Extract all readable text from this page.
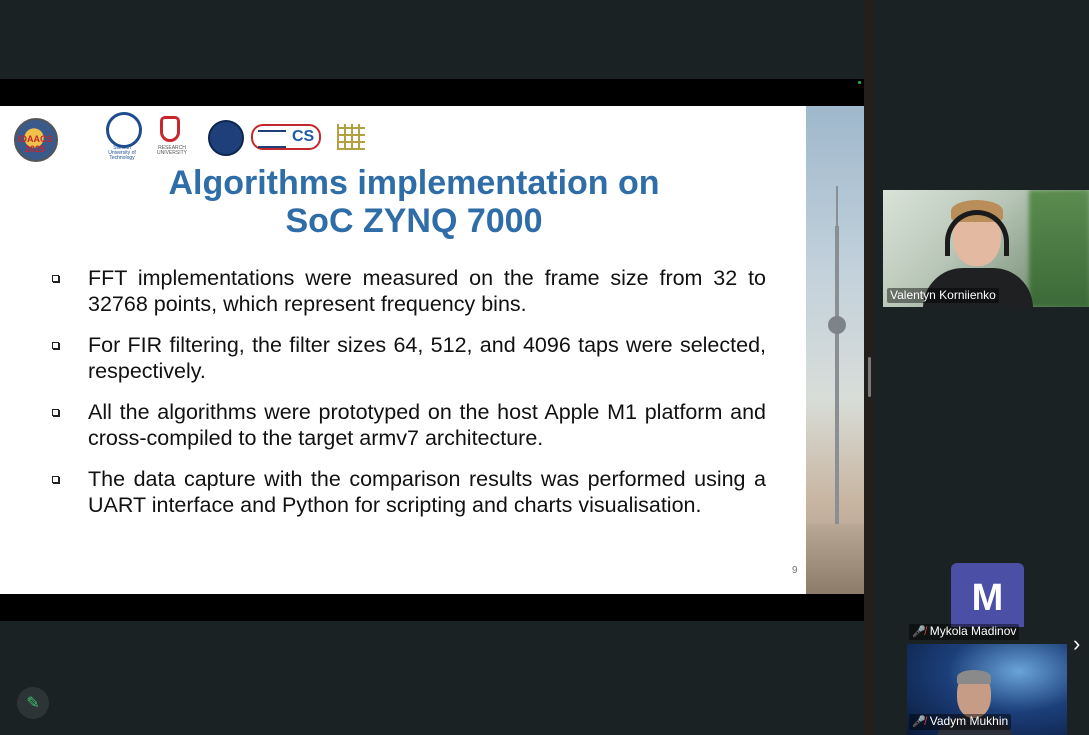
IDAACS 2025	Silesian University of Technology
RESEARCH UNIVERSITY
CS
Algorithms implementation on
SoC ZYNQ 7000
FFT implementations were measured on the frame size from 32 to 32768 points, which represent frequency bins.
For FIR filtering, the filter sizes 64, 512, and 4096 taps were selected, respectively.
All the algorithms were prototyped on the host Apple M1 platform and cross-compiled to the target armv7 architecture.
The data capture with the comparison results was performed using a UART interface and Python for scripting and charts visualisation.
9
✎
Valentyn Korniienko
M
🎤̸ Mykola Madinov
🎤̸ Vadym Mukhin
›
